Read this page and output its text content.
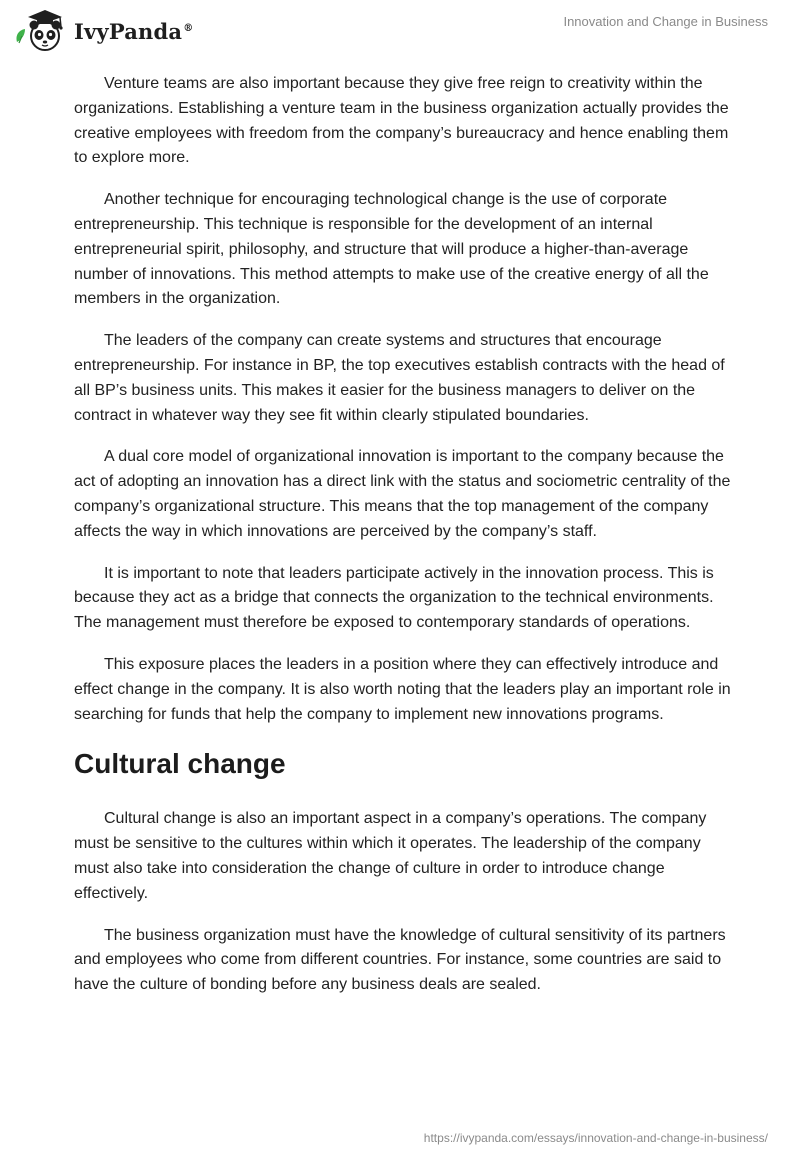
IvyPanda®	Innovation and Change in Business

Venture teams are also important because they give free reign to creativity within the organizations. Establishing a venture team in the business organization actually provides the creative employees with freedom from the company’s bureaucracy and hence enabling them to explore more.

Another technique for encouraging technological change is the use of corporate entrepreneurship. This technique is responsible for the development of an internal entrepreneurial spirit, philosophy, and structure that will produce a higher-than-average number of innovations. This method attempts to make use of the creative energy of all the members in the organization.

The leaders of the company can create systems and structures that encourage entrepreneurship. For instance in BP, the top executives establish contracts with the head of all BP’s business units. This makes it easier for the business managers to deliver on the contract in whatever way they see fit within clearly stipulated boundaries.

A dual core model of organizational innovation is important to the company because the act of adopting an innovation has a direct link with the status and sociometric centrality of the company’s organizational structure. This means that the top management of the company affects the way in which innovations are perceived by the company’s staff.

It is important to note that leaders participate actively in the innovation process. This is because they act as a bridge that connects the organization to the technical environments. The management must therefore be exposed to contemporary standards of operations.

This exposure places the leaders in a position where they can effectively introduce and effect change in the company. It is also worth noting that the leaders play an important role in searching for funds that help the company to implement new innovations programs.

Cultural change

Cultural change is also an important aspect in a company’s operations. The company must be sensitive to the cultures within which it operates. The leadership of the company must also take into consideration the change of culture in order to introduce change effectively.

The business organization must have the knowledge of cultural sensitivity of its partners and employees who come from different countries. For instance, some countries are said to have the culture of bonding before any business deals are sealed.

https://ivypanda.com/essays/innovation-and-change-in-business/
